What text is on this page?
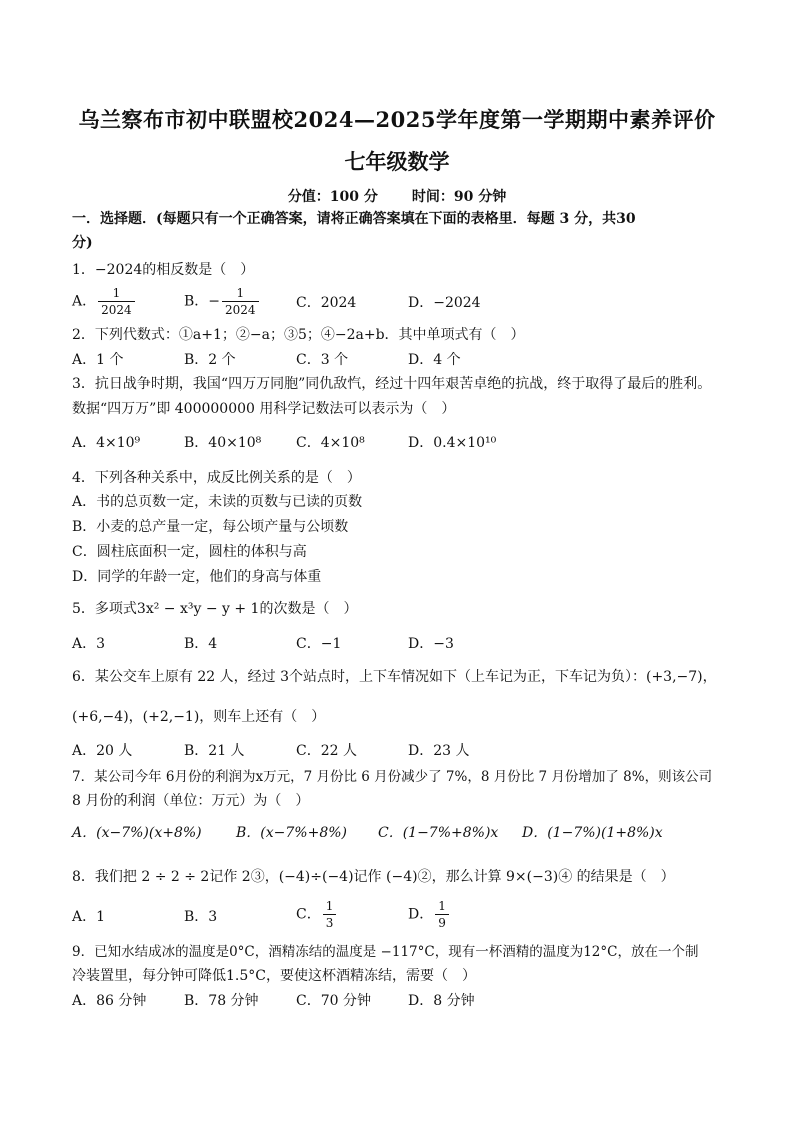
乌兰察布市初中联盟校2024—2025学年度第一学期期中素养评价
七年级数学
分值：100 分 时间：90 分钟
一．选择题．(每题只有一个正确答案，请将正确答案填在下面的表格里．每题 3 分，共30
分)
1．−2024的相反数是（　）
A． $\frac{1}{2024}$	B．− $\frac{1}{2024}$	C．2024	D．−2024
2．下列代数式：①a+1；②−a；③5；④−2a+b．其中单项式有（　）
A．1 个	B．2 个	C．3 个	D．4 个
3．抗日战争时期，我国“四万万同胞”同仇敌忾，经过十四年艰苦卓绝的抗战，终于取得了最后的胜利。
数据“四万万”即 400000000 用科学记数法可以表示为（　）
A．4×10⁹	B．40×10⁸ C．4×10⁸	D．0.4×10¹⁰
4．下列各种关系中，成反比例关系的是（　）
A．书的总页数一定，未读的页数与已读的页数
B．小麦的总产量一定，每公顷产量与公顷数
C．圆柱底面积一定，圆柱的体积与高
D．同学的年龄一定，他们的身高与体重
5．多项式3x² − x³y − y + 1的次数是（　）
A．3	B．4	C．−1	D．−3
6．某公交车上原有 22 人，经过 3个站点时，上下车情况如下（上车记为正，下车记为负）：(+3,−7)，
(+6,−4)，(+2,−1)，则车上还有（　）
A．20 人	B．21 人	C．22 人	D．23 人
7．某公司今年 6月份的利润为x万元，7 月份比 6 月份减少了 7%，8 月份比 7 月份增加了 8%，则该公司
8 月份的利润（单位：万元）为（　）
A．(x−7%)(x+8%) B．(x−7%+8%) C．(1−7%+8%)x D．(1−7%)(1+8%)x
8．我们把 2 ÷ 2 ÷ 2记作 2③，(−4)÷(−4)记作 (−4)②，那么计算 9×(−3)④ 的结果是（　）
A．1	B．3	C． $\frac{1}{3}$	D． $\frac{1}{9}$
9．已知水结成冰的温度是0°C，酒精冻结的温度是 −117°C，现有一杯酒精的温度为12°C，放在一个制
冷装置里，每分钟可降低1.5°C，要使这杯酒精冻结，需要（　）
A．86 分钟	B．78 分钟	C．70 分钟	D．8 分钟
